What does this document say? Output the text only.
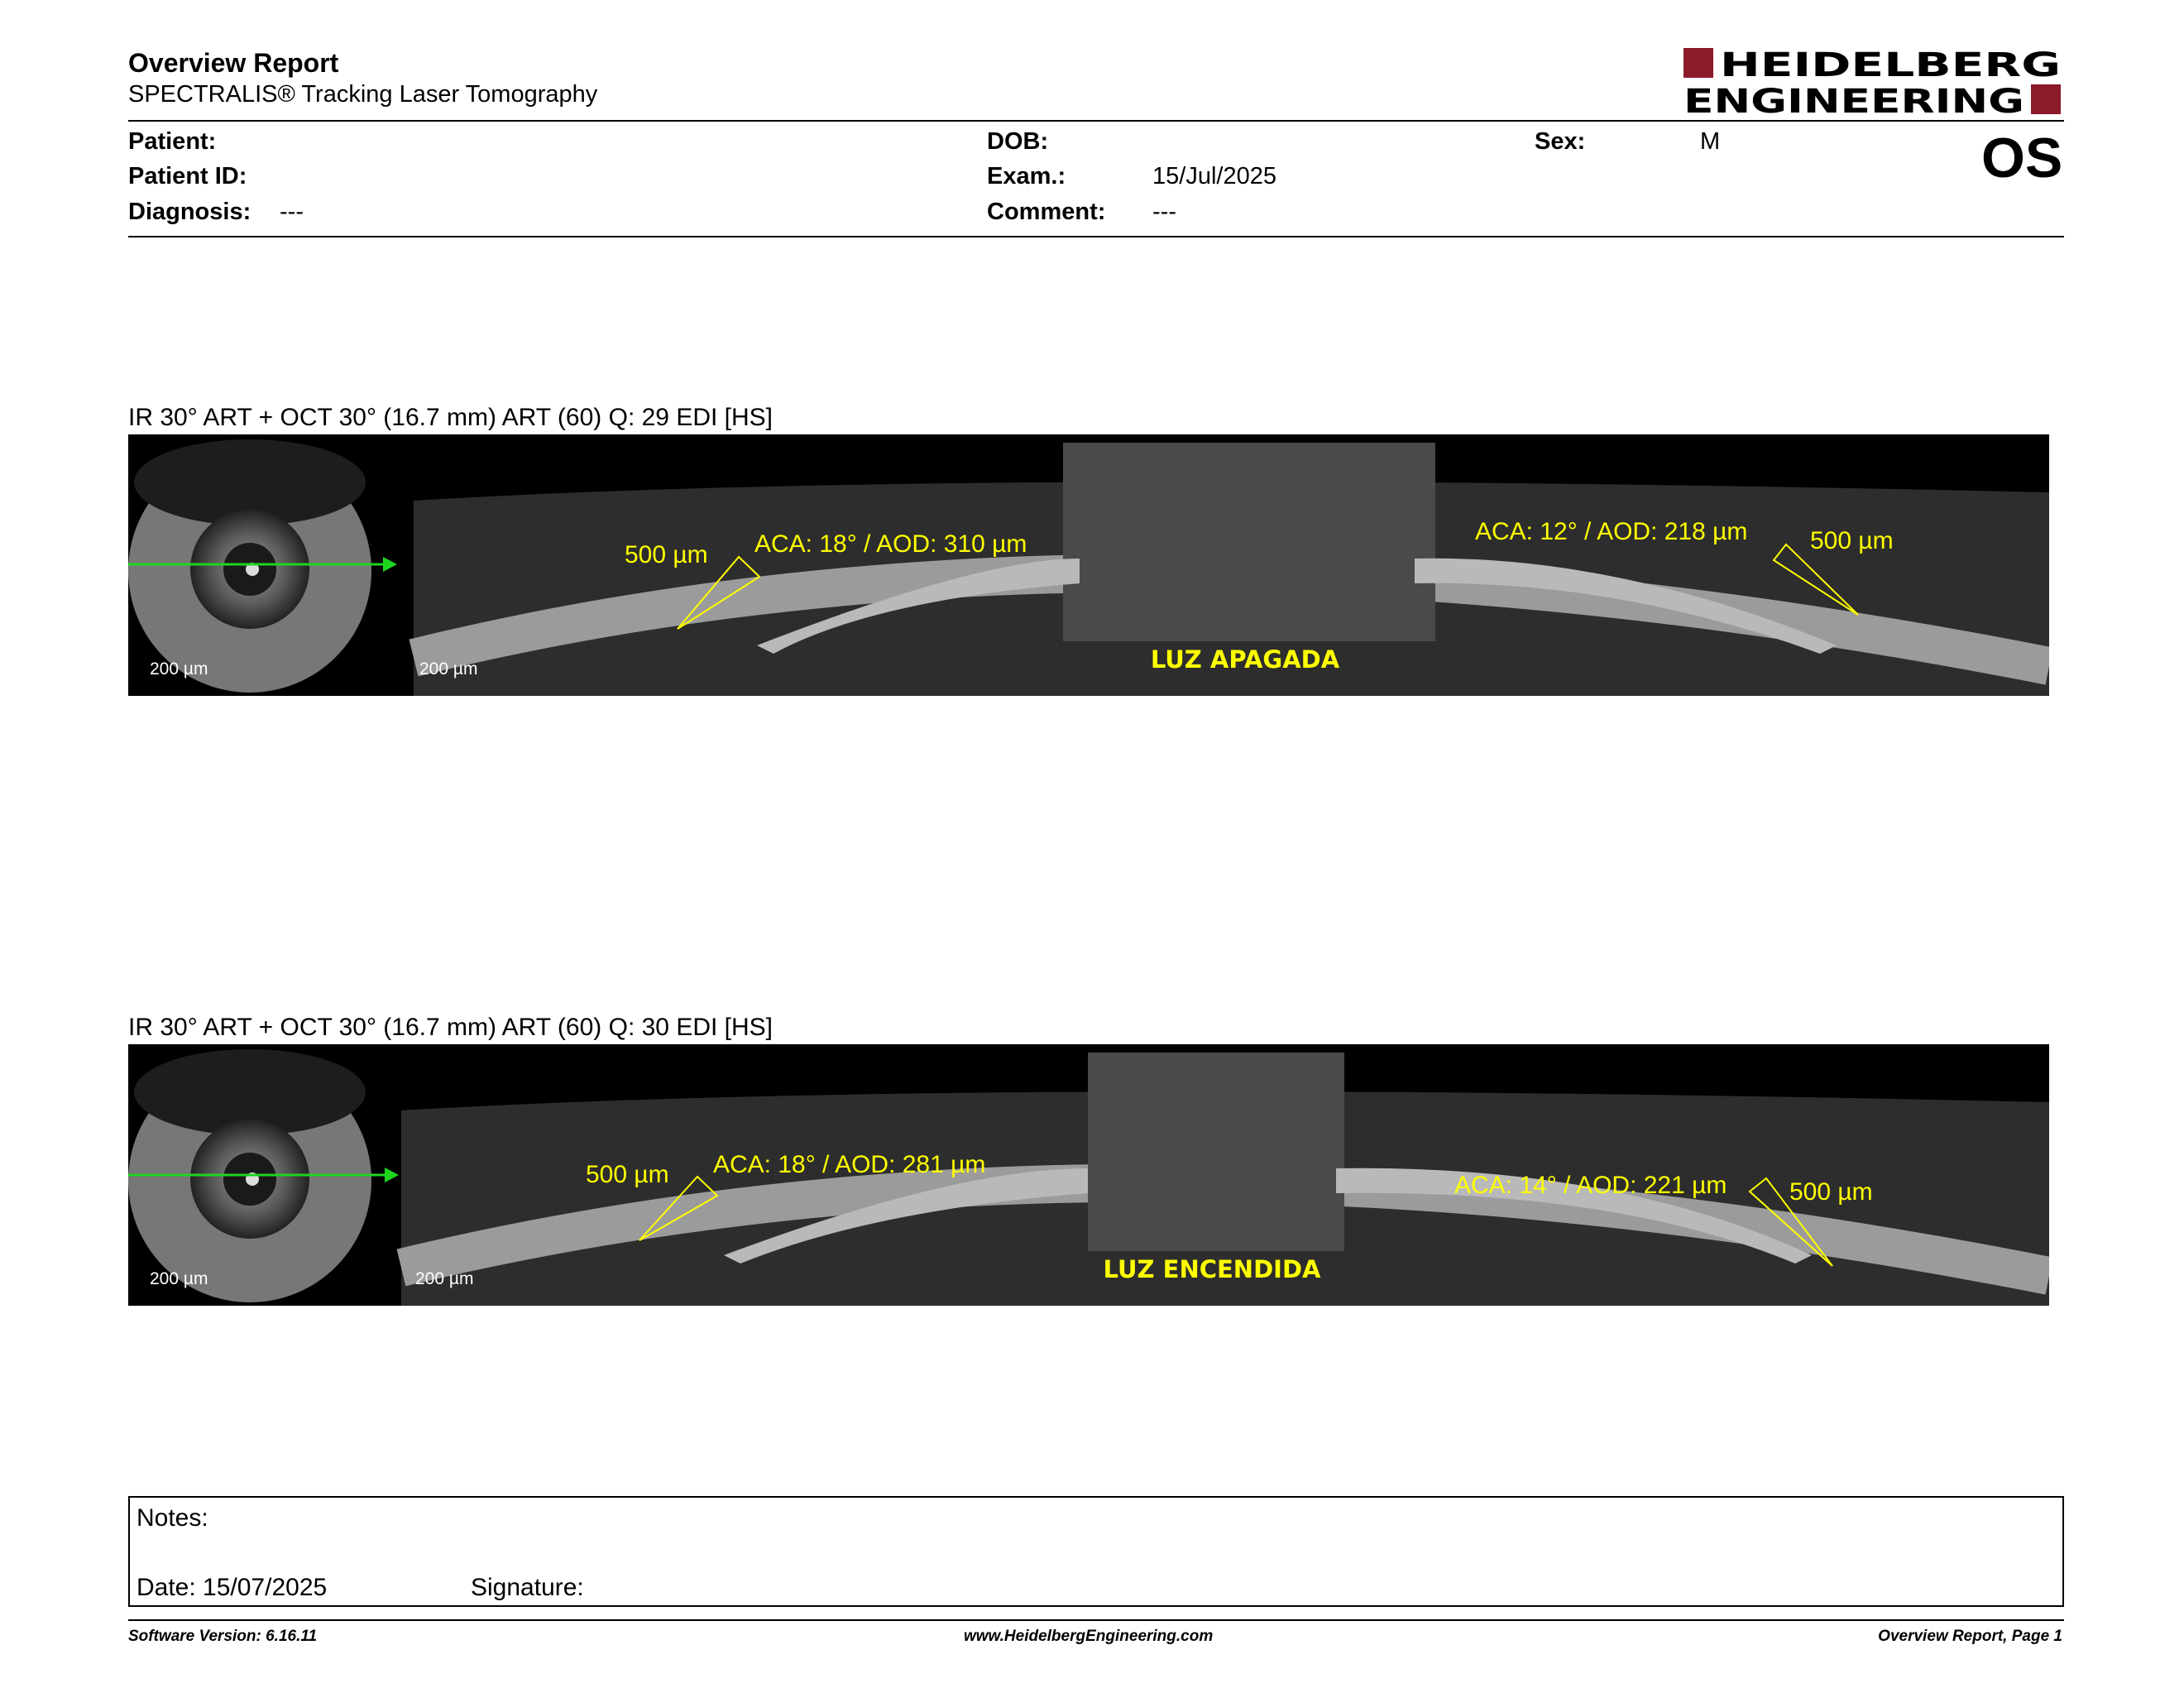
Overview Report
SPECTRALIS® Tracking Laser Tomography
HEIDELBERG
ENGINEERING
Patient:
Patient ID:
Diagnosis: ---
DOB:
Exam.:	15/Jul/2025
Comment: ---
Sex:	M	OS
IR 30° ART + OCT 30° (16.7 mm) ART (60) Q: 29 EDI [HS]
200 µm	200 µm
500 µm ACA: 18° / AOD: 310 µm	ACA: 12° / AOD: 218 µm	500 µm
LUZ APAGADA
IR 30° ART + OCT 30° (16.7 mm) ART (60) Q: 30 EDI [HS]
200 µm	200 µm
500 µm ACA: 18° / AOD: 281 µm
ACA: 14° / AOD: 221 µm	500 µm
LUZ ENCENDIDA
Notes:
Date: 15/07/2025	Signature:
Software Version: 6.16.11	www.HeidelbergEngineering.com	Overview Report, Page 1
